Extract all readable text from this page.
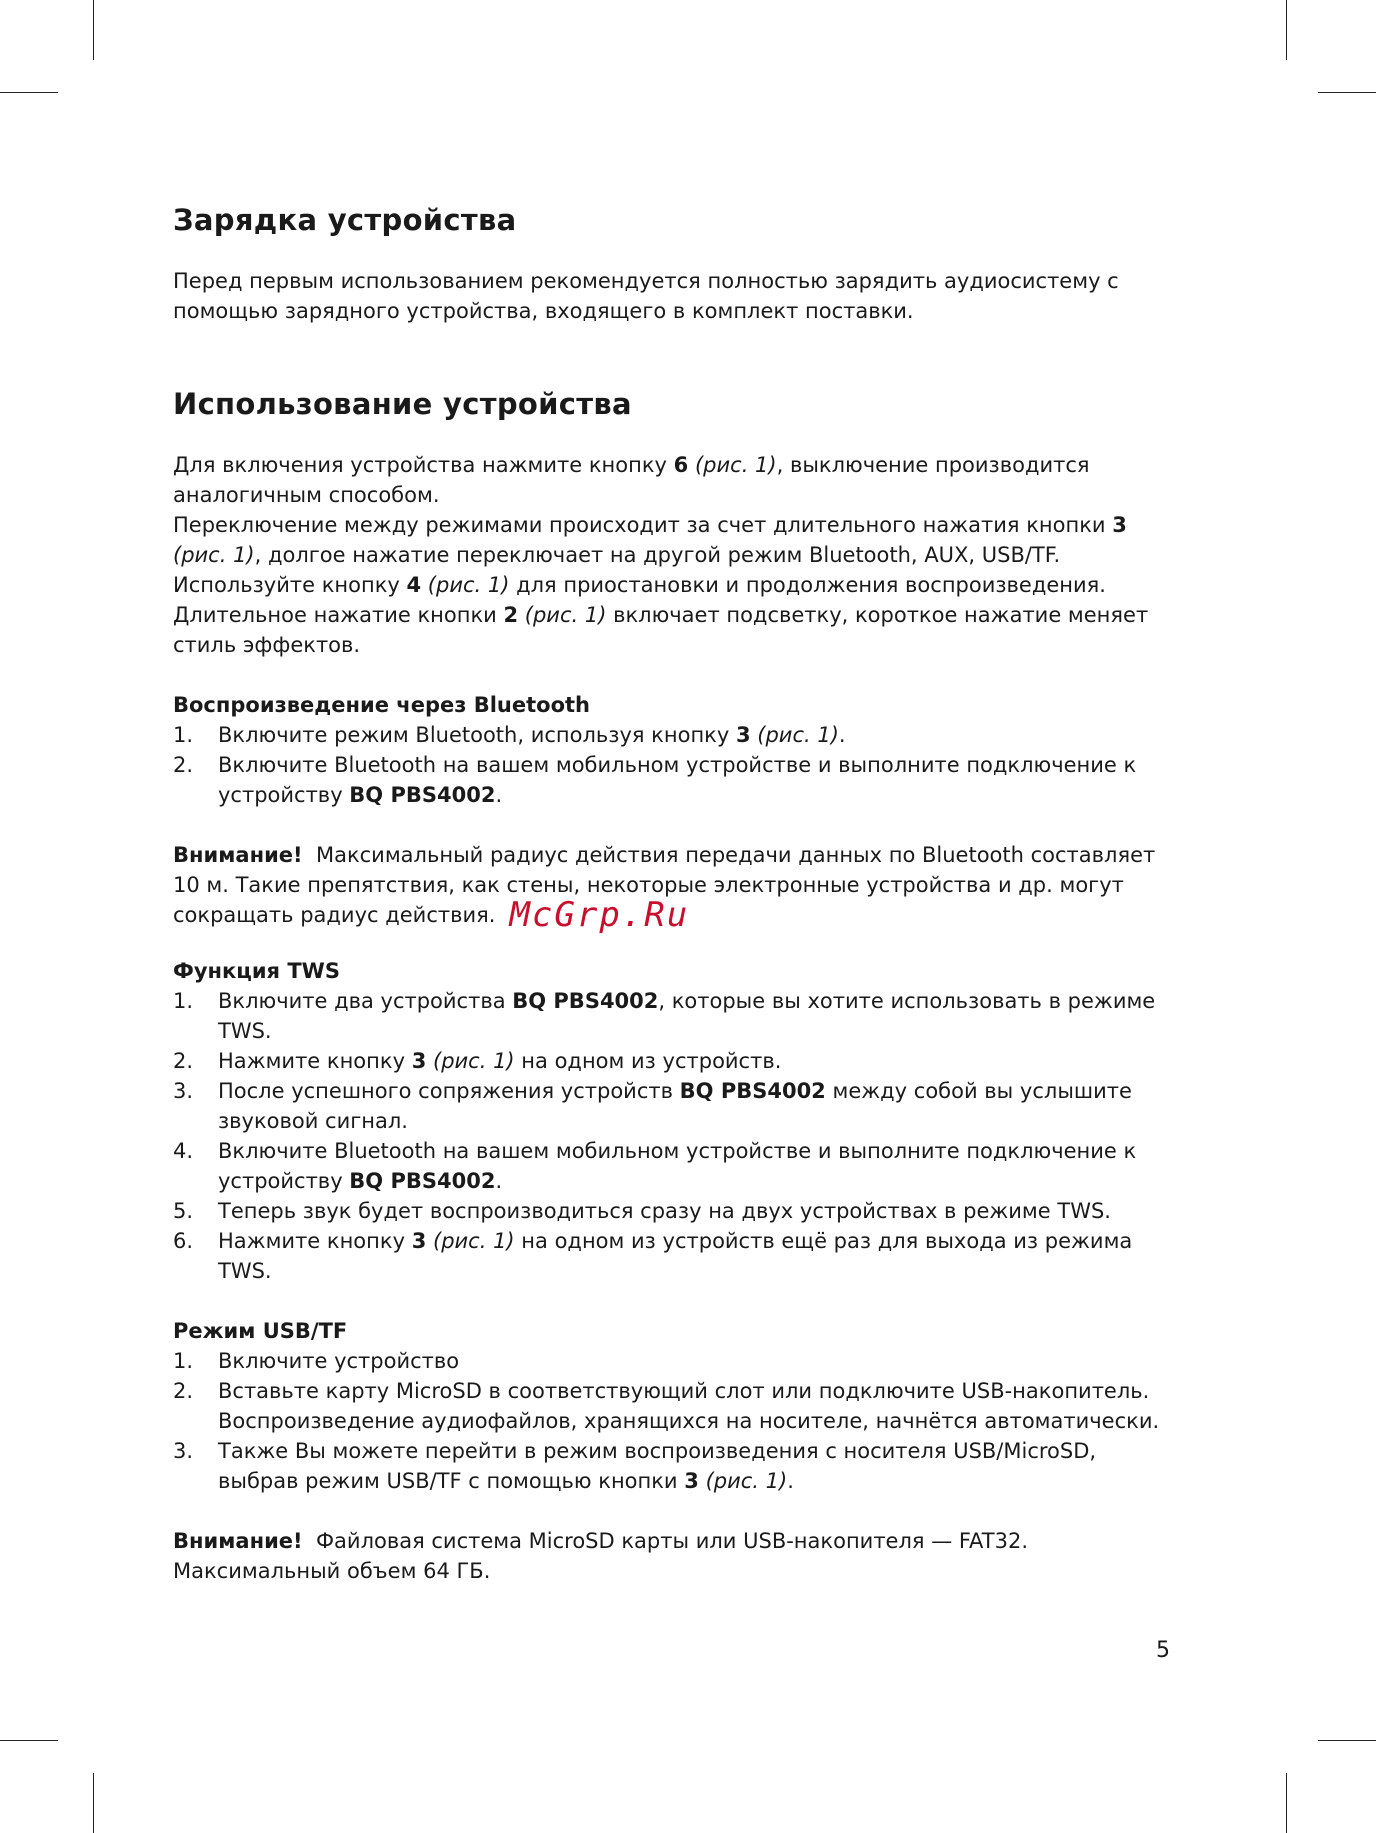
Зарядка устройства

Перед первым использованием рекомендуется полностью зарядить аудиосистему с помощью зарядного устройства, входящего в комплект поставки.

Использование устройства

Для включения устройства нажмите кнопку 6 (рис. 1), выключение производится аналогичным способом.

Переключение между режимами происходит за счет длительного нажатия кнопки 3 (рис. 1), долгое нажатие переключает на другой режим Bluetooth, AUX, USB/TF.

Используйте кнопку 4 (рис. 1) для приостановки и продолжения воспроизведения.

Длительное нажатие кнопки 2 (рис. 1) включает подсветку, короткое нажатие меняет стиль эффектов.

Воспроизведение через Bluetooth
1.	Включите режим Bluetooth, используя кнопку 3 (рис. 1).
2.	Включите Bluetooth на вашем мобильном устройстве и выполните подключение к устройству BQ PBS4002.

Внимание! Максимальный радиус действия передачи данных по Bluetooth составляет 10 м. Такие препятствия, как стены, некоторые электронные устройства и др. могут сокращать радиус действия. McGrp.Ru

Функция TWS
1.	Включите два устройства BQ PBS4002, которые вы хотите использовать в режиме TWS.
2.	Нажмите кнопку 3 (рис. 1) на одном из устройств.
3.	После успешного сопряжения устройств BQ PBS4002 между собой вы услышите звуковой сигнал.
4.	Включите Bluetooth на вашем мобильном устройстве и выполните подключение к устройству BQ PBS4002.
5.	Теперь звук будет воспроизводиться сразу на двух устройствах в режиме TWS.
6.	Нажмите кнопку 3 (рис. 1) на одном из устройств ещё раз для выхода из режима TWS.
Режим USB/TF
1.	Включите устройство
2.	Вставьте карту MicroSD в соответствующий слот или подключите USB-накопитель. Воспроизведение аудиофайлов, хранящихся на носителе, начнётся автоматически.
3.	Также Вы можете перейти в режим воспроизведения с носителя USB/MicroSD, выбрав режим USB/TF с помощью кнопки 3 (рис. 1).

Внимание! Файловая система MicroSD карты или USB-накопителя — FAT32. Максимальный объем 64 ГБ.

5
